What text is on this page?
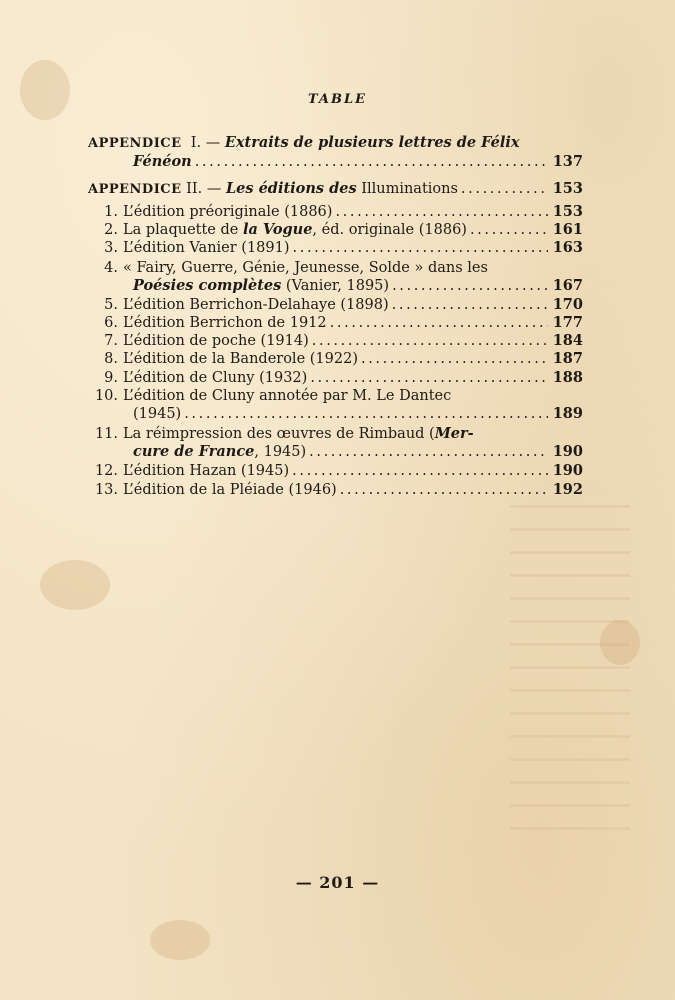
TABLE
APPENDICE I. — Extraits de plusieurs lettres de Félix
Fénéon . . .	137
APPENDICE II. — Les éditions des Illuminations . . .	153
1. L’édition préoriginale (1886) . . .	153
2. La plaquette de la Vogue, éd. originale (1886) . . .	161
3. L’édition Vanier (1891) . . .	163
4. « Fairy, Guerre, Génie, Jeunesse, Solde » dans les
Poésies complètes (Vanier, 1895) . . .	167
5. L’édition Berrichon-Delahaye (1898) . . .	170
6. L’édition Berrichon de 1912 . . .	177
7. L’édition de poche (1914) . . .	184
8. L’édition de la Banderole (1922) . . .	187
9. L’édition de Cluny (1932) . . .	188
10. L’édition de Cluny annotée par M. Le Dantec
(1945) . . .	189
11. La réimpression des œuvres de Rimbaud (Mer-
cure de France, 1945) . . .	190
12. L’édition Hazan (1945) . . .	190
13. L’édition de la Pléiade (1946) . . .	192
— 201 —
